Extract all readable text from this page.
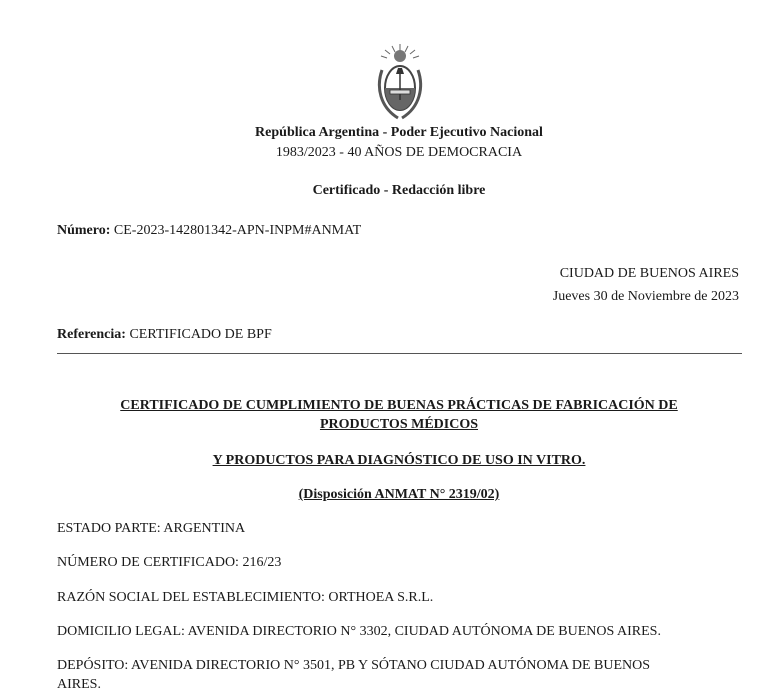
República Argentina - Poder Ejecutivo Nacional
1983/2023 - 40 AÑOS DE DEMOCRACIA
Certificado - Redacción libre
Número: CE-2023-142801342-APN-INPM#ANMAT
CIUDAD DE BUENOS AIRES
Jueves 30 de Noviembre de 2023
Referencia: CERTIFICADO DE BPF
CERTIFICADO DE CUMPLIMIENTO DE BUENAS PRÁCTICAS DE FABRICACIÓN DE
PRODUCTOS MÉDICOS
Y PRODUCTOS PARA DIAGNÓSTICO DE USO IN VITRO.
(Disposición ANMAT N° 2319/02)
ESTADO PARTE: ARGENTINA
NÚMERO DE CERTIFICADO: 216/23
RAZÓN SOCIAL DEL ESTABLECIMIENTO: ORTHOEA S.R.L.
DOMICILIO LEGAL: AVENIDA DIRECTORIO N° 3302, CIUDAD AUTÓNOMA DE BUENOS AIRES.
DEPÓSITO: AVENIDA DIRECTORIO N° 3501, PB Y SÓTANO CIUDAD AUTÓNOMA DE BUENOS
AIRES.
